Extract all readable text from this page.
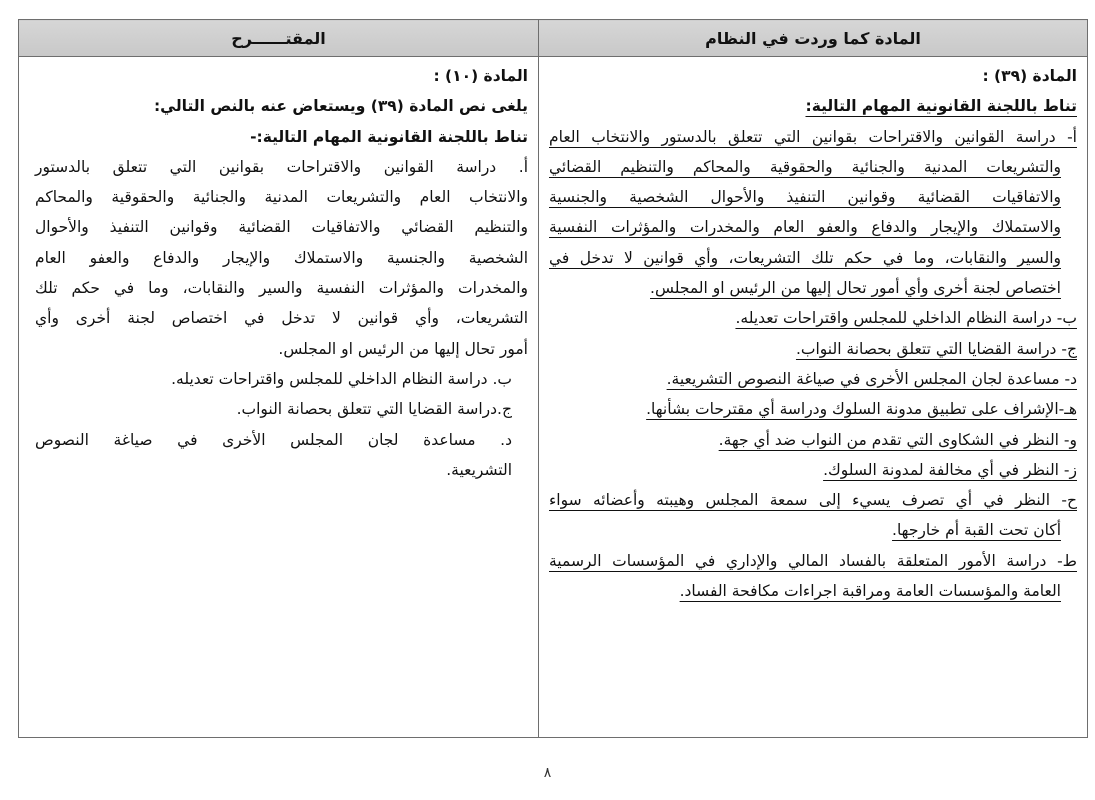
المادة كما وردت في النظام	المقتــــــرح

المادة (٣٩) :
تناط باللجنة القانونية المهام التالية:
أ- دراسة القوانين والاقتراحات بقوانين التي تتعلق بالدستور والانتخاب العام
والتشريعات المدنية والجنائية والحقوقية والمحاكم والتنظيم القضائي
والاتفاقيات القضائية وقوانين التنفيذ والأحوال الشخصية والجنسية
والاستملاك والإيجار والدفاع والعفو العام والمخدرات والمؤثرات النفسية
والسير والنقابات، وما في حكم تلك التشريعات، وأي قوانين لا تدخل في
اختصاص لجنة أخرى وأي أمور تحال إليها من الرئيس او المجلس.
ب- دراسة النظام الداخلي للمجلس واقتراحات تعديله.
ج- دراسة القضايا التي تتعلق بحصانة النواب.
د- مساعدة لجان المجلس الأخرى في صياغة النصوص التشريعية.
هـ-الإشراف على تطبيق مدونة السلوك ودراسة أي مقترحات بشأنها.
و- النظر في الشكاوى التي تقدم من النواب ضد أي جهة.
ز- النظر في أي مخالفة لمدونة السلوك.
ح- النظر في أي تصرف يسيء إلى سمعة المجلس وهيبته وأعضائه سواء
أكان تحت القبة أم خارجها.
ط- دراسة الأمور المتعلقة بالفساد المالي والإداري في المؤسسات الرسمية
العامة والمؤسسات العامة ومراقبة اجراءات مكافحة الفساد.

المادة (١٠) :
يلغى نص المادة (٣٩) ويستعاض عنه بالنص التالي:
تناط باللجنة القانونية المهام التالية:-
أ. دراسة القوانين والاقتراحات بقوانين التي تتعلق بالدستور
والانتخاب العام والتشريعات المدنية والجنائية والحقوقية والمحاكم
والتنظيم القضائي والاتفاقيات القضائية وقوانين التنفيذ والأحوال
الشخصية والجنسية والاستملاك والإيجار والدفاع والعفو العام
والمخدرات والمؤثرات النفسية والسير والنقابات، وما في حكم تلك
التشريعات، وأي قوانين لا تدخل في اختصاص لجنة أخرى وأي
أمور تحال إليها من الرئيس او المجلس.
ب. دراسة النظام الداخلي للمجلس واقتراحات تعديله.
ج.دراسة القضايا التي تتعلق بحصانة النواب.
د. مساعدة لجان المجلس الأخرى في صياغة النصوص
التشريعية.
٨
